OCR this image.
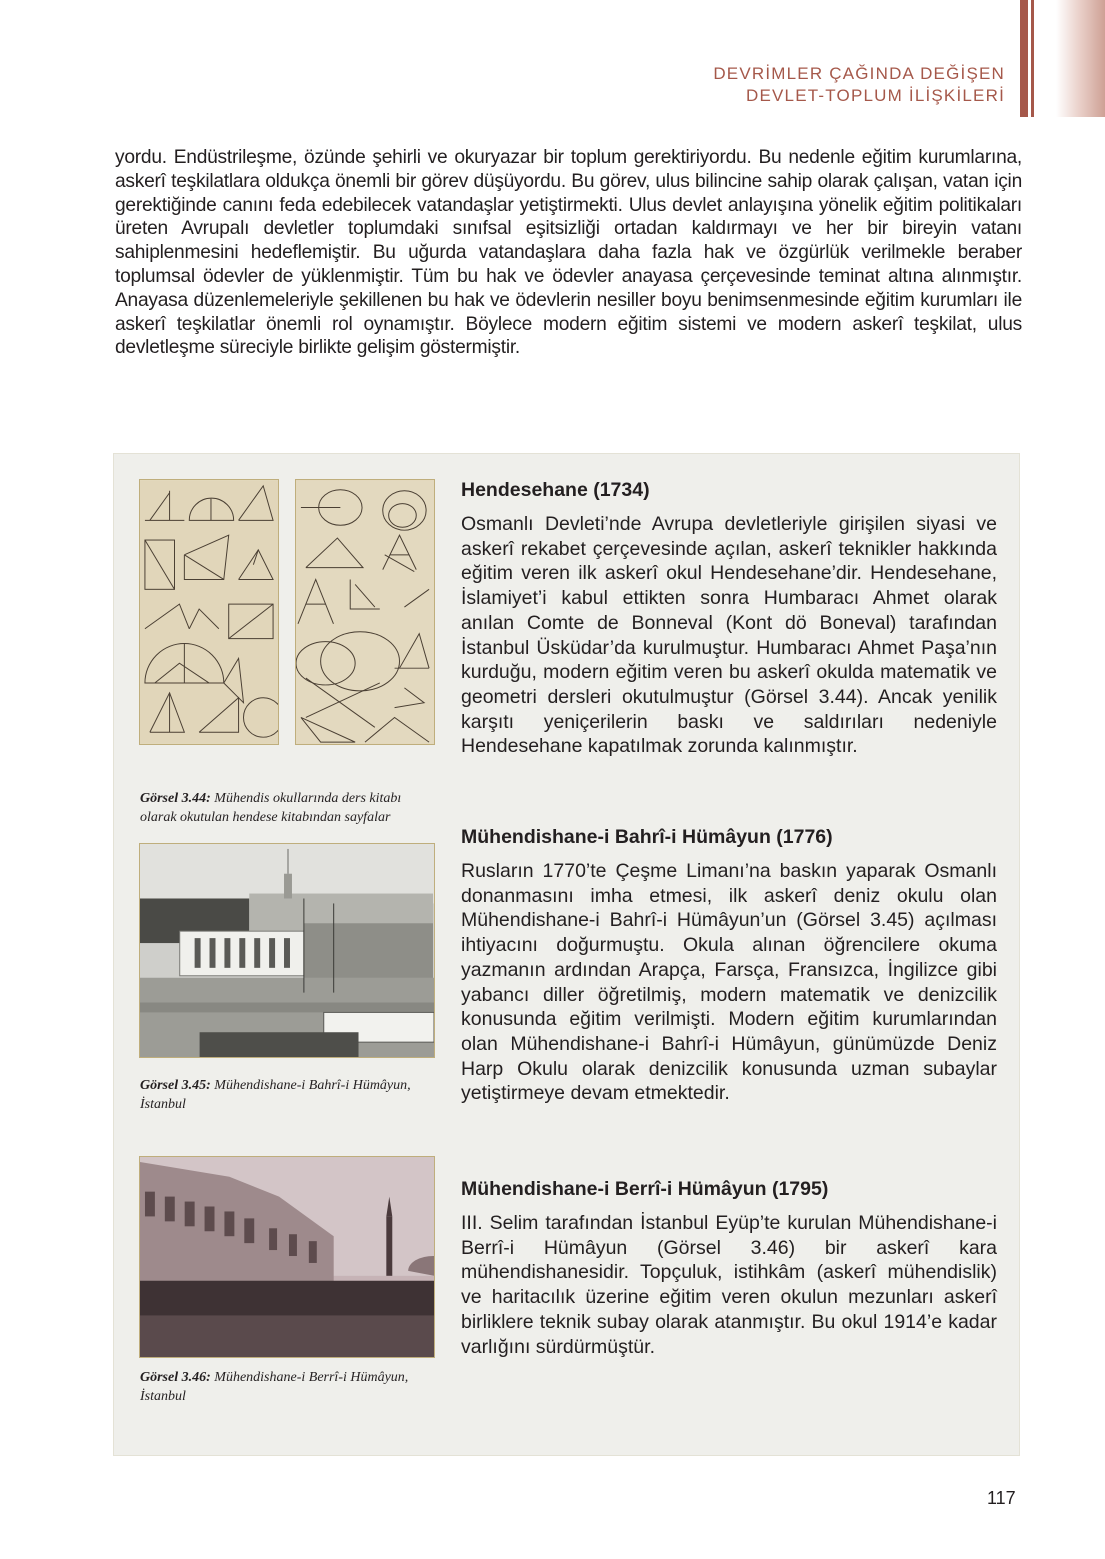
DEVRİMLER ÇAĞINDA DEĞİŞEN
DEVLET-TOPLUM İLİŞKİLERİ

yordu. Endüstrileşme, özünde şehirli ve okuryazar bir toplum gerektiriyordu. Bu nedenle eğitim kurumlarına, askerî teşkilatlara oldukça önemli bir görev düşüyordu. Bu görev, ulus bilincine sahip olarak çalışan, vatan için gerektiğinde canını feda edebilecek vatandaşlar yetiştirmekti. Ulus devlet anlayışına yönelik eğitim politikaları üreten Avrupalı devletler toplumdaki sınıfsal eşitsizliği ortadan kaldırmayı ve her bir bireyin vatanı sahiplenmesini hedeflemiştir. Bu uğurda vatandaşlara daha fazla hak ve özgürlük verilmekle beraber toplumsal ödevler de yüklenmiştir. Tüm bu hak ve ödevler anayasa çerçevesinde teminat altına alınmıştır. Anayasa düzenlemeleriyle şekillenen bu hak ve ödevlerin nesiller boyu benimsenmesinde eğitim kurumları ile askerî teşkilatlar önemli rol oynamıştır. Böylece modern eğitim sistemi ve modern askerî teşkilat, ulus devletleşme süreciyle birlikte gelişim göstermiştir.

Görsel 3.44: Mühendis okullarında ders kitabı olarak okutulan hendese kitabından sayfalar
Görsel 3.45: Mühendishane-i Bahrî-i Hümâyun, İstanbul
Görsel 3.46: Mühendishane-i Berrî-i Hümâyun, İstanbul
Hendesehane (1734)

Osmanlı Devleti’nde Avrupa devletleriyle girişilen siyasi ve askerî rekabet çerçevesinde açılan, askerî teknikler hakkında eğitim veren ilk askerî okul Hendesehane’dir. Hendesehane, İslamiyet’i kabul ettikten sonra Humbaracı Ahmet olarak anılan Comte de Bonneval (Kont dö Boneval) tarafından İstanbul Üsküdar’da kurulmuştur. Humbaracı Ahmet Paşa’nın kurduğu, modern eğitim veren bu askerî okulda matematik ve geometri dersleri okutulmuştur (Görsel 3.44). Ancak yenilik karşıtı yeniçerilerin baskı ve saldırıları nedeniyle Hendesehane kapatılmak zorunda kalınmıştır.

Mühendishane-i Bahrî-i Hümâyun (1776)

Rusların 1770’te Çeşme Limanı’na baskın yaparak Osmanlı donanmasını imha etmesi, ilk askerî deniz okulu olan Mühendishane-i Bahrî-i Hümâyun’un (Görsel 3.45) açılması ihtiyacını doğurmuştu. Okula alınan öğrencilere okuma yazmanın ardından Arapça, Farsça, Fransızca, İngilizce gibi yabancı diller öğretilmiş, modern matematik ve denizcilik konusunda eğitim verilmişti. Modern eğitim kurumlarından olan Mühendishane-i Bahrî-i Hümâyun, günümüzde Deniz Harp Okulu olarak denizcilik konusunda uzman subaylar yetiştirmeye devam etmektedir.

Mühendishane-i Berrî-i Hümâyun (1795)

III. Selim tarafından İstanbul Eyüp’te kurulan Mühendishane-i Berrî-i Hümâyun (Görsel 3.46) bir askerî kara mühendishanesidir. Topçuluk, istihkâm (askerî mühendislik) ve haritacılık üzerine eğitim veren okulun mezunları askerî birliklere teknik subay olarak atanmıştır. Bu okul 1914’e kadar varlığını sürdürmüştür.

117
